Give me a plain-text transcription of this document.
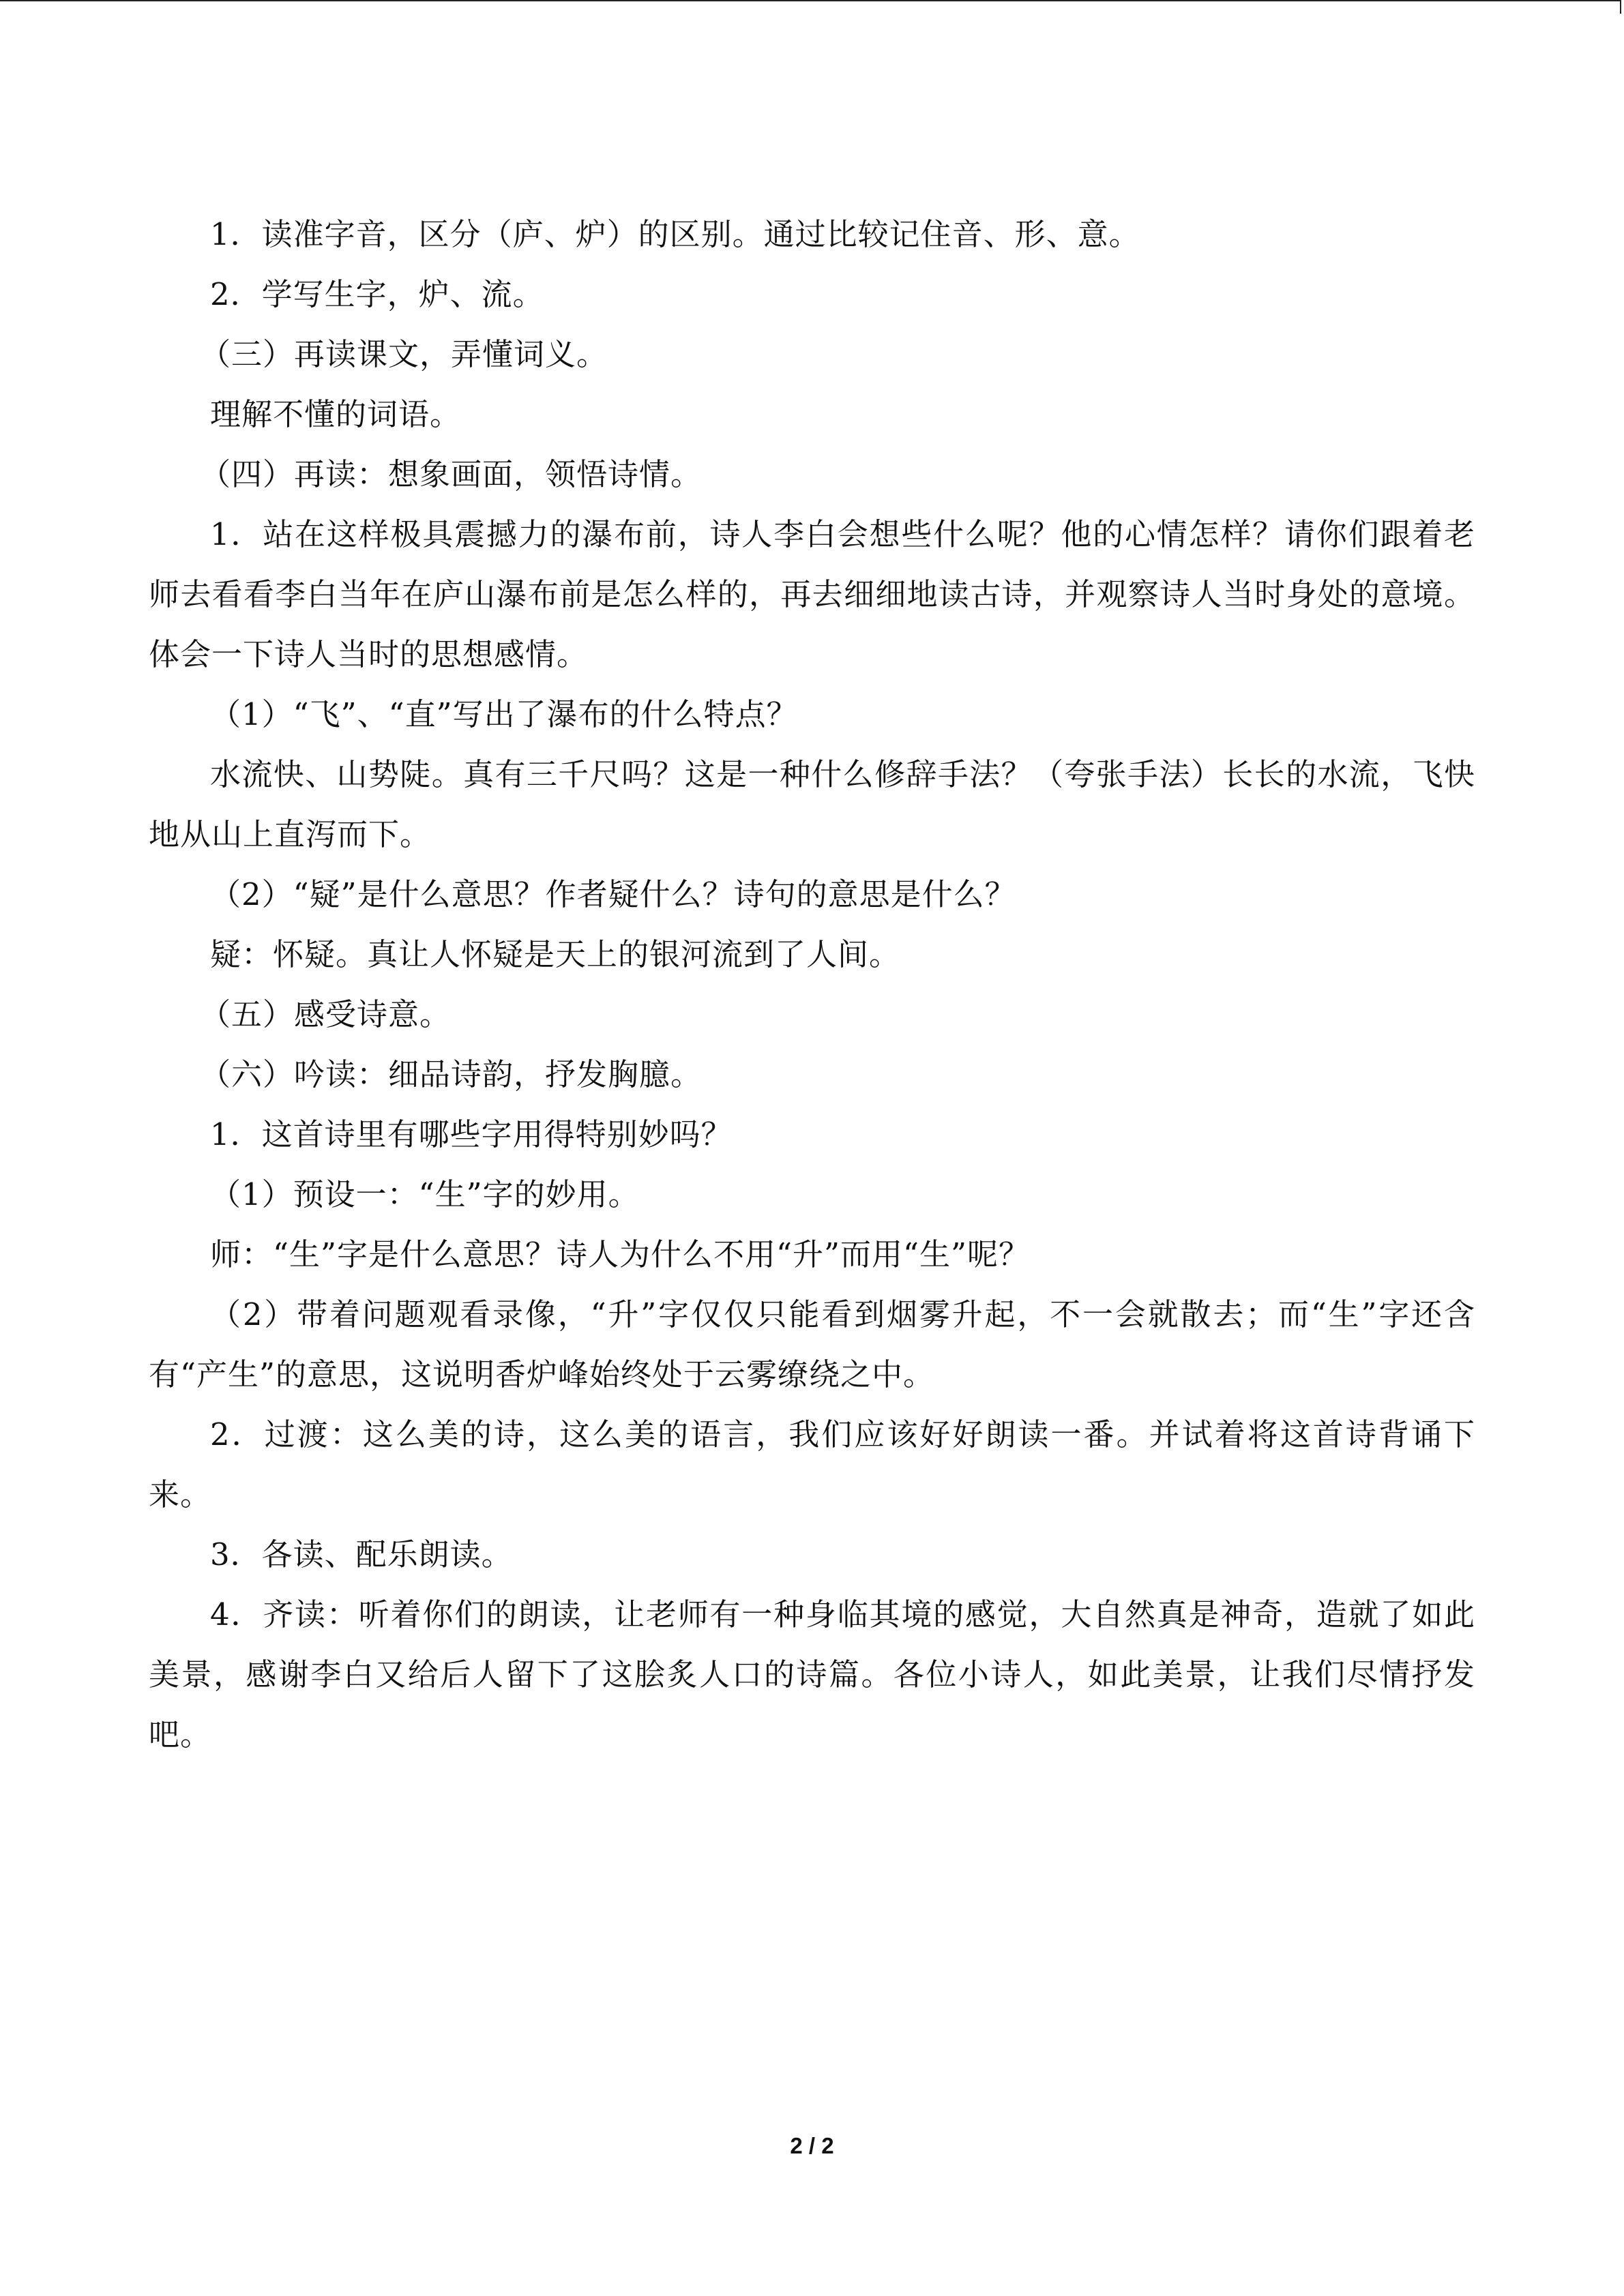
1．读准字音，区分（庐、炉）的区别。通过比较记住音、形、意。

2．学写生字，炉、流。

（三）再读课文，弄懂词义。

理解不懂的词语。

（四）再读：想象画面，领悟诗情。

1．站在这样极具震撼力的瀑布前，诗人李白会想些什么呢？他的心情怎样？请你们跟着老师去看看李白当年在庐山瀑布前是怎么样的，再去细细地读古诗，并观察诗人当时身处的意境。体会一下诗人当时的思想感情。

（1）“飞”、“直”写出了瀑布的什么特点？

水流快、山势陡。真有三千尺吗？这是一种什么修辞手法？（夸张手法）长长的水流，飞快地从山上直泻而下。

（2）“疑”是什么意思？作者疑什么？诗句的意思是什么？

疑：怀疑。真让人怀疑是天上的银河流到了人间。

（五）感受诗意。

（六）吟读：细品诗韵，抒发胸臆。

1．这首诗里有哪些字用得特别妙吗？

（1）预设一：“生”字的妙用。

师：“生”字是什么意思？诗人为什么不用“升”而用“生”呢？

（2）带着问题观看录像，“升”字仅仅只能看到烟雾升起，不一会就散去；而“生”字还含有“产生”的意思，这说明香炉峰始终处于云雾缭绕之中。

2．过渡：这么美的诗，这么美的语言，我们应该好好朗读一番。并试着将这首诗背诵下来。

3．各读、配乐朗读。

4．齐读：听着你们的朗读，让老师有一种身临其境的感觉，大自然真是神奇，造就了如此美景，感谢李白又给后人留下了这脍炙人口的诗篇。各位小诗人，如此美景，让我们尽情抒发吧。

2 / 2
